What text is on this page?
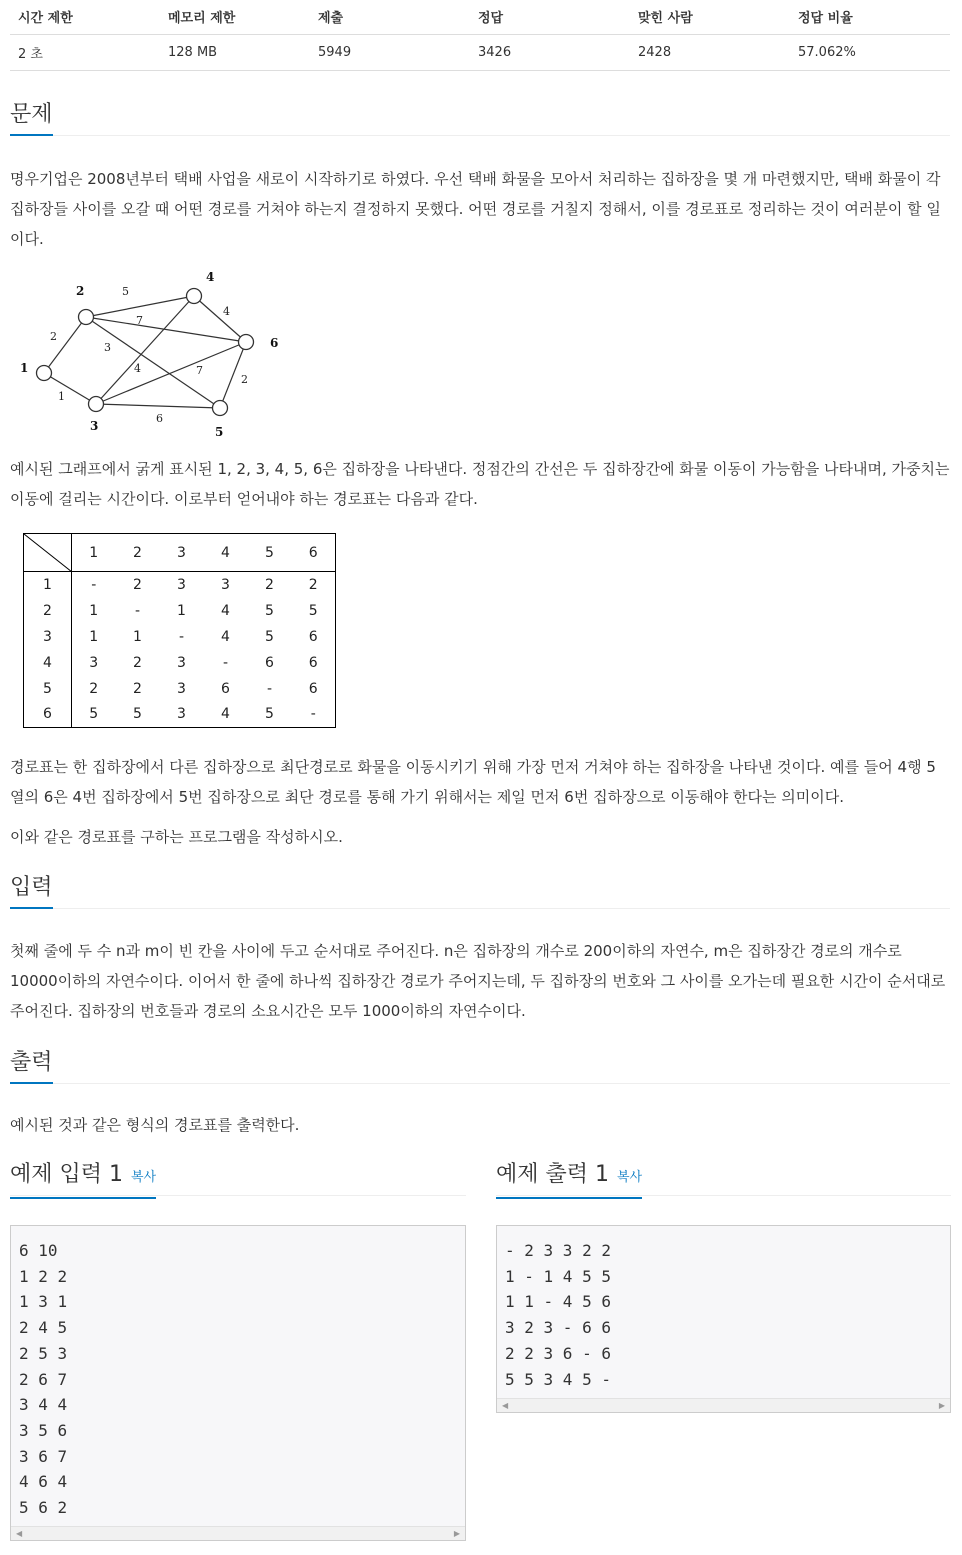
시간 제한	메모리 제한	제출	정답	맞힌 사람	정답 비율
2 초	128 MB	5949	3426	2428	57.062%
문제

명우기업은 2008년부터 택배 사업을 새로이 시작하기로 하였다. 우선 택배 화물을 모아서 처리하는 집하장을 몇 개 마련했지만, 택배 화물이 각 집하장들 사이를 오갈 때 어떤 경로를 거쳐야 하는지 결정하지 못했다. 어떤 경로를 거칠지 정해서, 이를 경로표로 정리하는 것이 여러분이 할 일이다.

1
2
3
4
5
6
2
1
5
3
7
4
6
7
4
2

예시된 그래프에서 굵게 표시된 1, 2, 3, 4, 5, 6은 집하장을 나타낸다. 정점간의 간선은 두 집하장간에 화물 이동이 가능함을 나타내며, 가중치는 이동에 걸리는 시간이다. 이로부터 얻어내야 하는 경로표는 다음과 같다.

	1	2	3	4	5	6
1	-	2	3	3	2	2
2	1	-	1	4	5	5
3	1	1	-	4	5	6
4	3	2	3	-	6	6
5	2	2	3	6	-	6
6	5	5	3	4	5	-

경로표는 한 집하장에서 다른 집하장으로 최단경로로 화물을 이동시키기 위해 가장 먼저 거쳐야 하는 집하장을 나타낸 것이다. 예를 들어 4행 5열의 6은 4번 집하장에서 5번 집하장으로 최단 경로를 통해 가기 위해서는 제일 먼저 6번 집하장으로 이동해야 한다는 의미이다.

이와 같은 경로표를 구하는 프로그램을 작성하시오.

입력

첫째 줄에 두 수 n과 m이 빈 칸을 사이에 두고 순서대로 주어진다. n은 집하장의 개수로 200이하의 자연수, m은 집하장간 경로의 개수로 10000이하의 자연수이다. 이어서 한 줄에 하나씩 집하장간 경로가 주어지는데, 두 집하장의 번호와 그 사이를 오가는데 필요한 시간이 순서대로 주어진다. 집하장의 번호들과 경로의 소요시간은 모두 1000이하의 자연수이다.

출력

예시된 것과 같은 형식의 경로표를 출력한다.

예제 입력 1 복사
6 10
1 2 2
1 3 1
2 4 5
2 5 3
2 6 7
3 4 4
3 5 6
3 6 7
4 6 4
5 6 2
◀	▶
예제 출력 1 복사
- 2 3 3 2 2
1 - 1 4 5 5
1 1 - 4 5 6
3 2 3 - 6 6
2 2 3 6 - 6
5 5 3 4 5 -
◀	▶
